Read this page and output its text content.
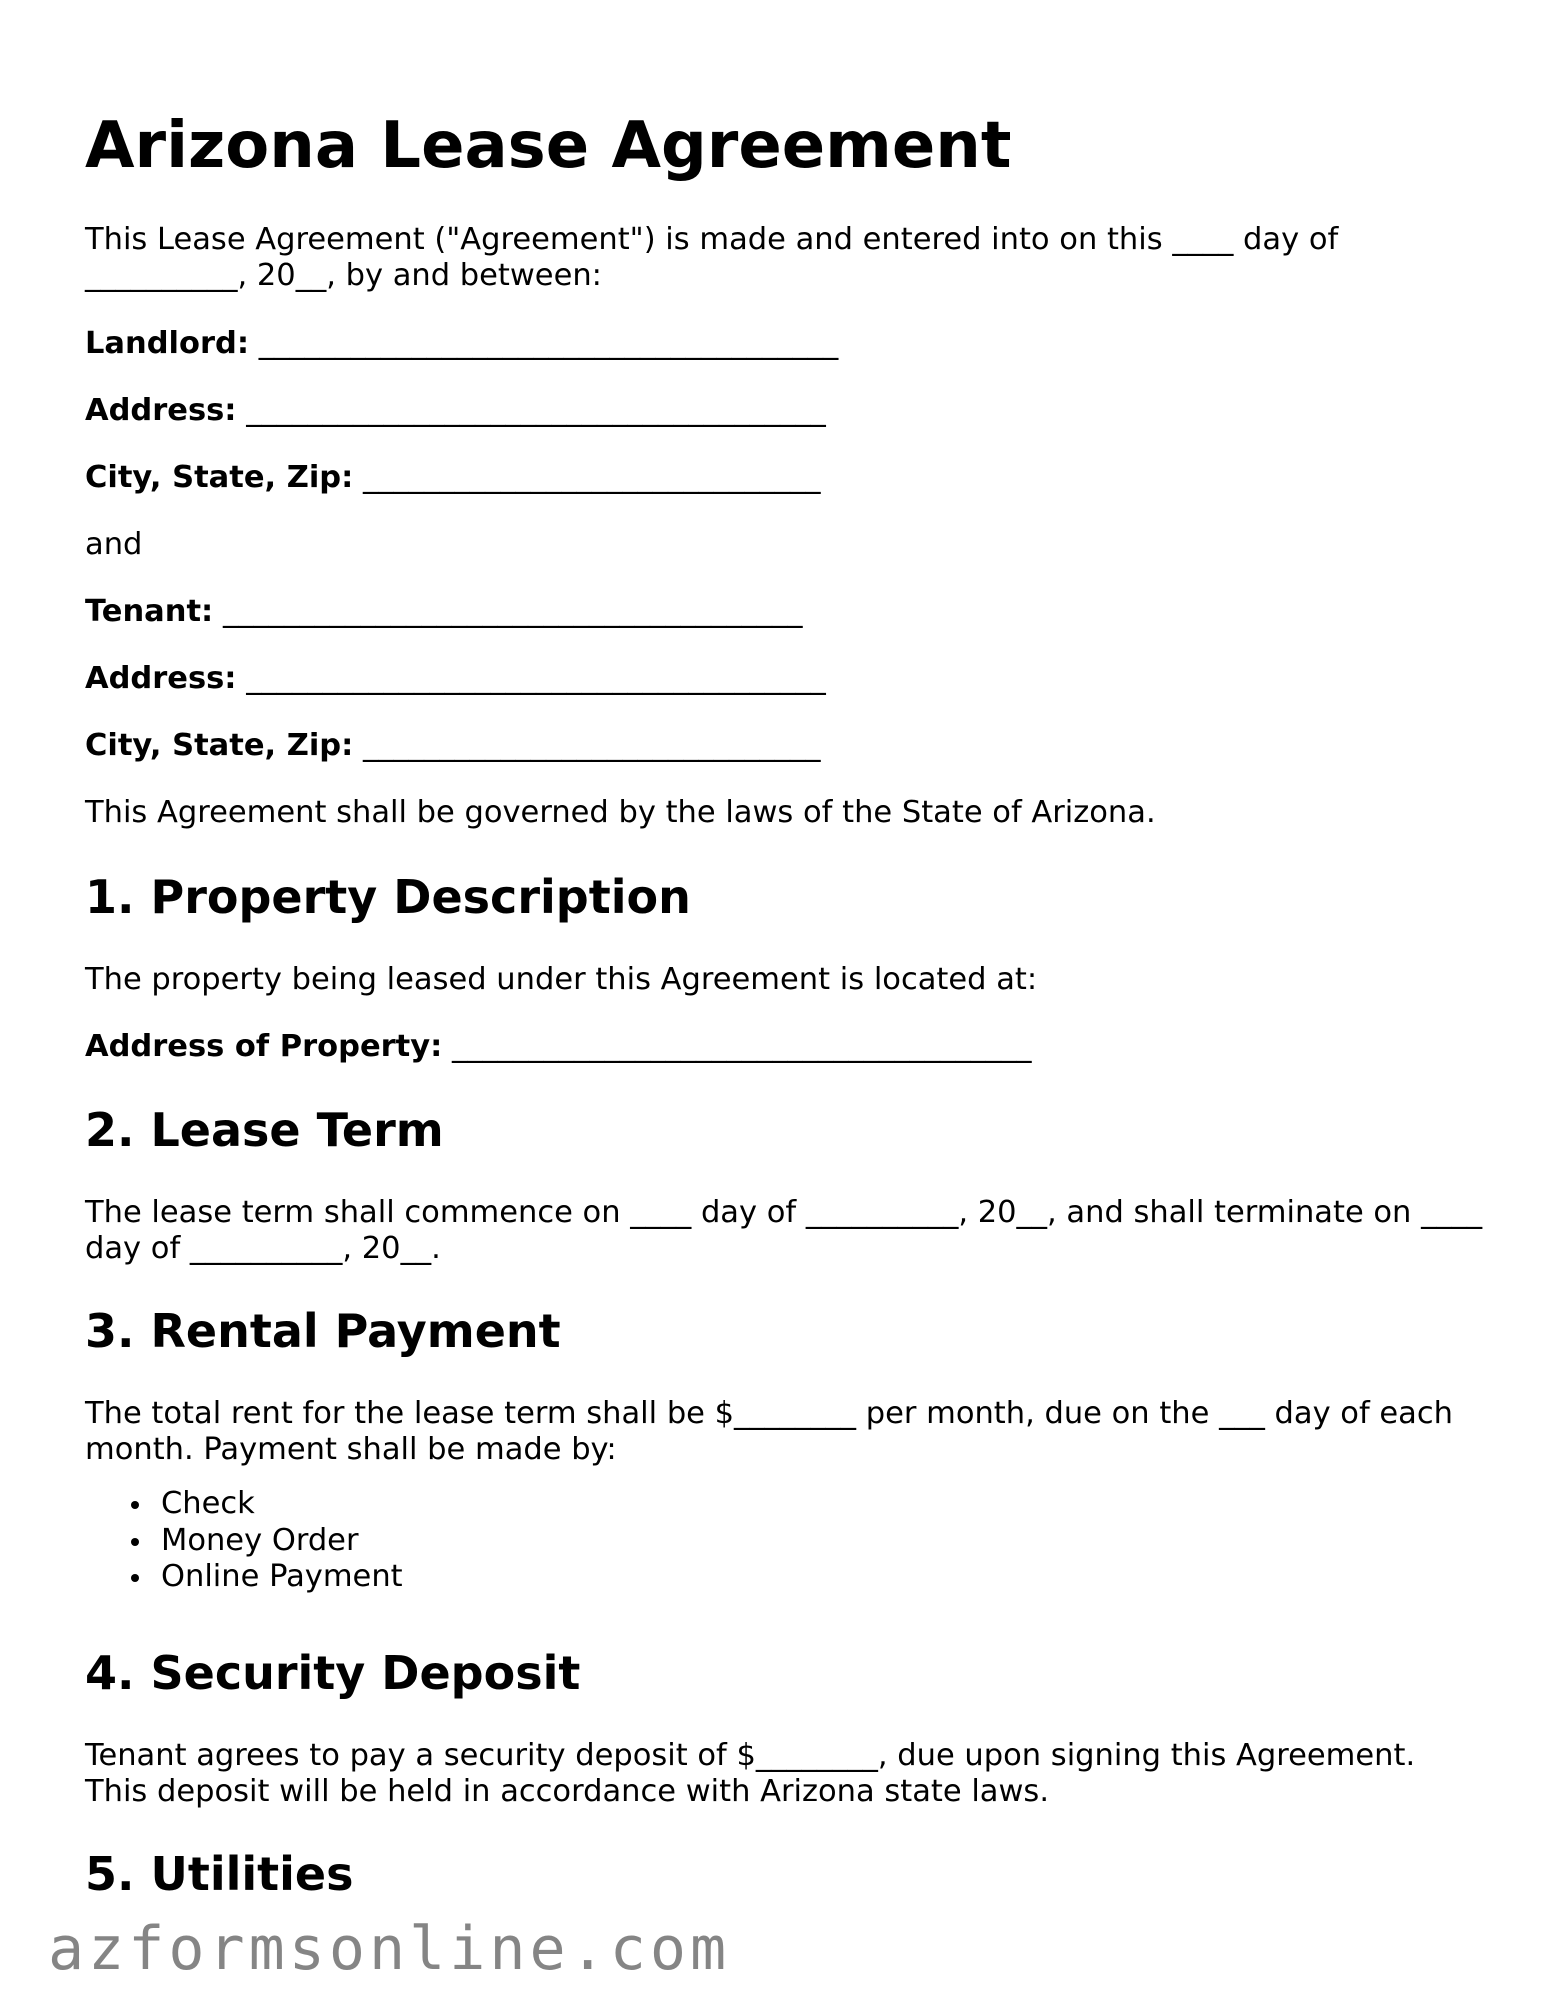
Arizona Lease Agreement

This Lease Agreement ("Agreement") is made and entered into on this ____ day of __________, 20__, by and between:

Landlord: ______________________________________

Address: ______________________________________

City, State, Zip: ______________________________

and

Tenant: ______________________________________

Address: ______________________________________

City, State, Zip: ______________________________

This Agreement shall be governed by the laws of the State of Arizona.

1. Property Description

The property being leased under this Agreement is located at:

Address of Property: ______________________________________

2. Lease Term

The lease term shall commence on ____ day of __________, 20__, and shall terminate on ____ day of __________, 20__.

3. Rental Payment

The total rent for the lease term shall be $________ per month, due on the ___ day of each month. Payment shall be made by:

Check
Money Order
Online Payment
4. Security Deposit

Tenant agrees to pay a security deposit of $________, due upon signing this Agreement. This deposit will be held in accordance with Arizona state laws.

5. Utilities
azformsonline.com
